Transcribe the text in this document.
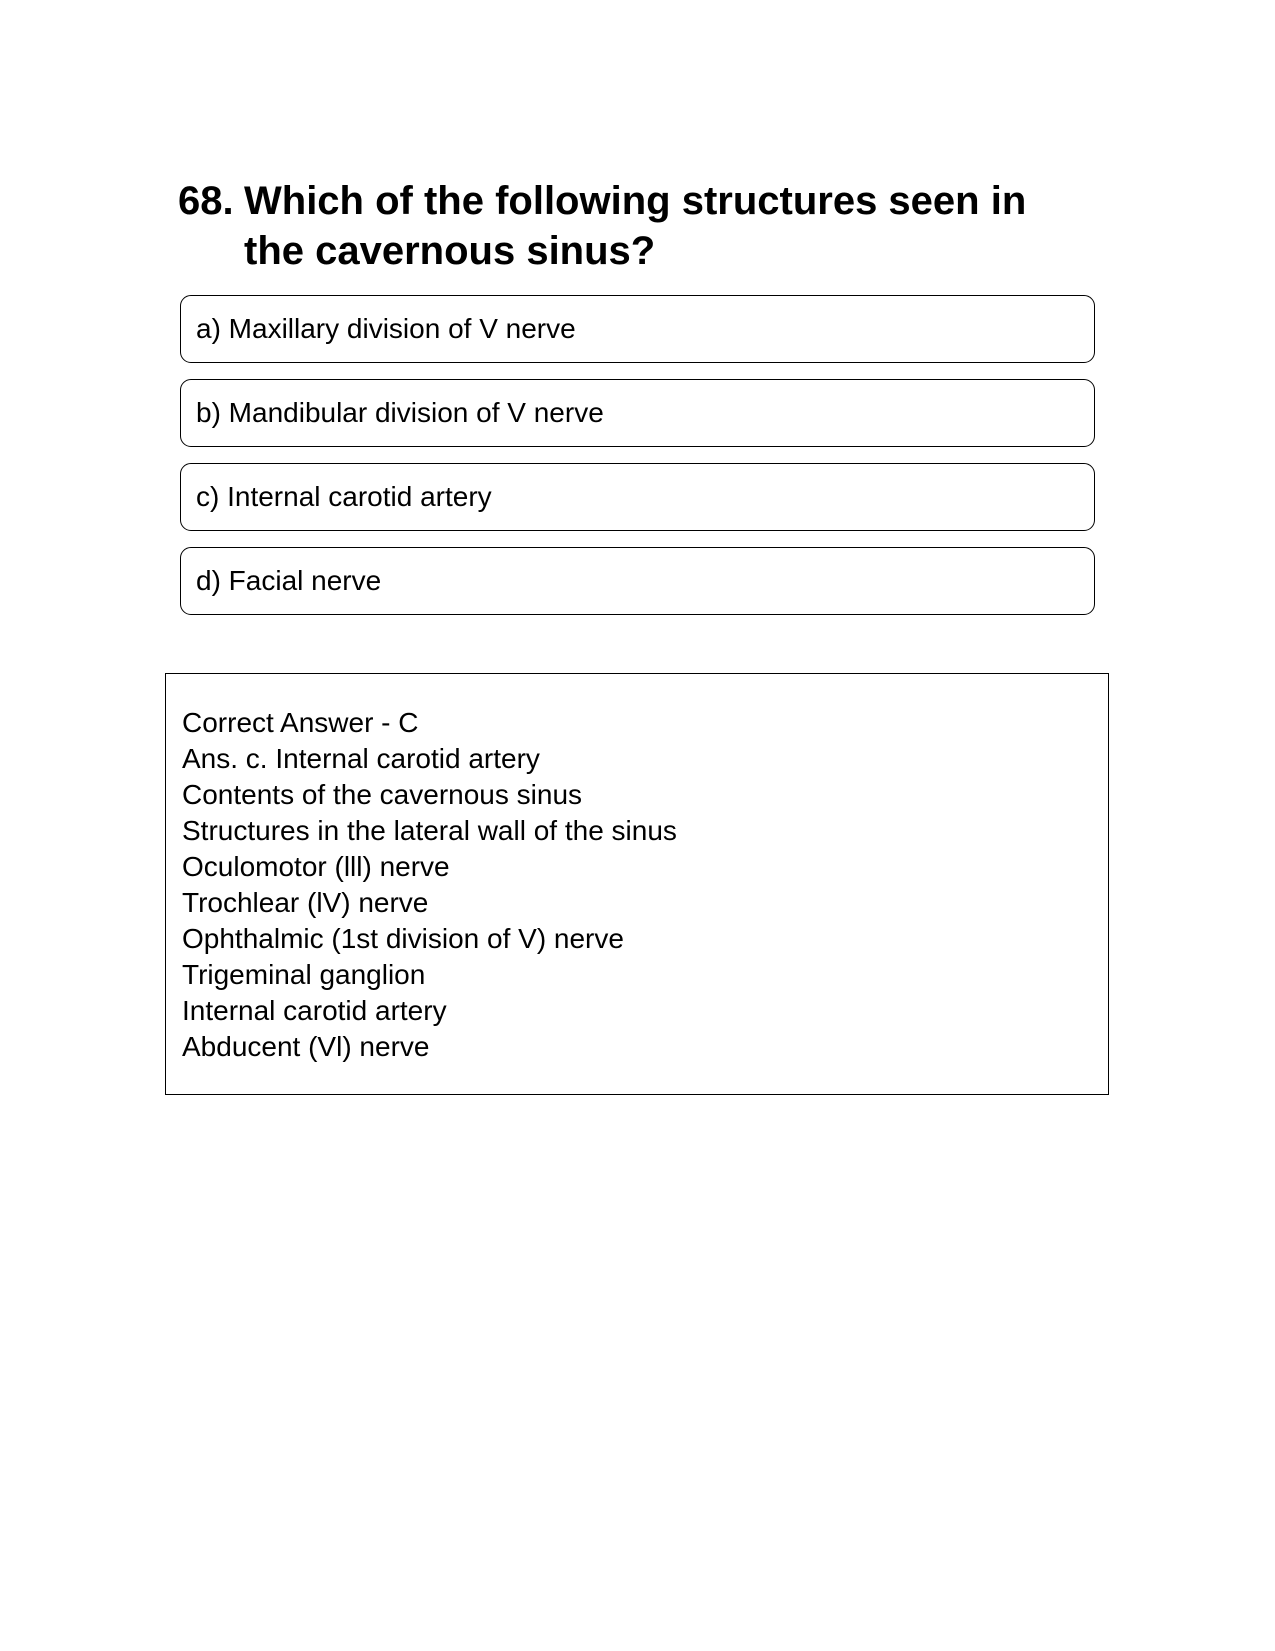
68. Which of the following structures seen in the cavernous sinus?
a) Maxillary division of V nerve
b) Mandibular division of V nerve
c) Internal carotid artery
d) Facial nerve
Correct Answer - C
Ans. c. Internal carotid artery
Contents of the cavernous sinus
Structures in the lateral wall of the sinus
Oculomotor (lll) nerve
Trochlear (lV) nerve
Ophthalmic (1st division of V) nerve
Trigeminal ganglion
Internal carotid artery
Abducent (Vl) nerve
